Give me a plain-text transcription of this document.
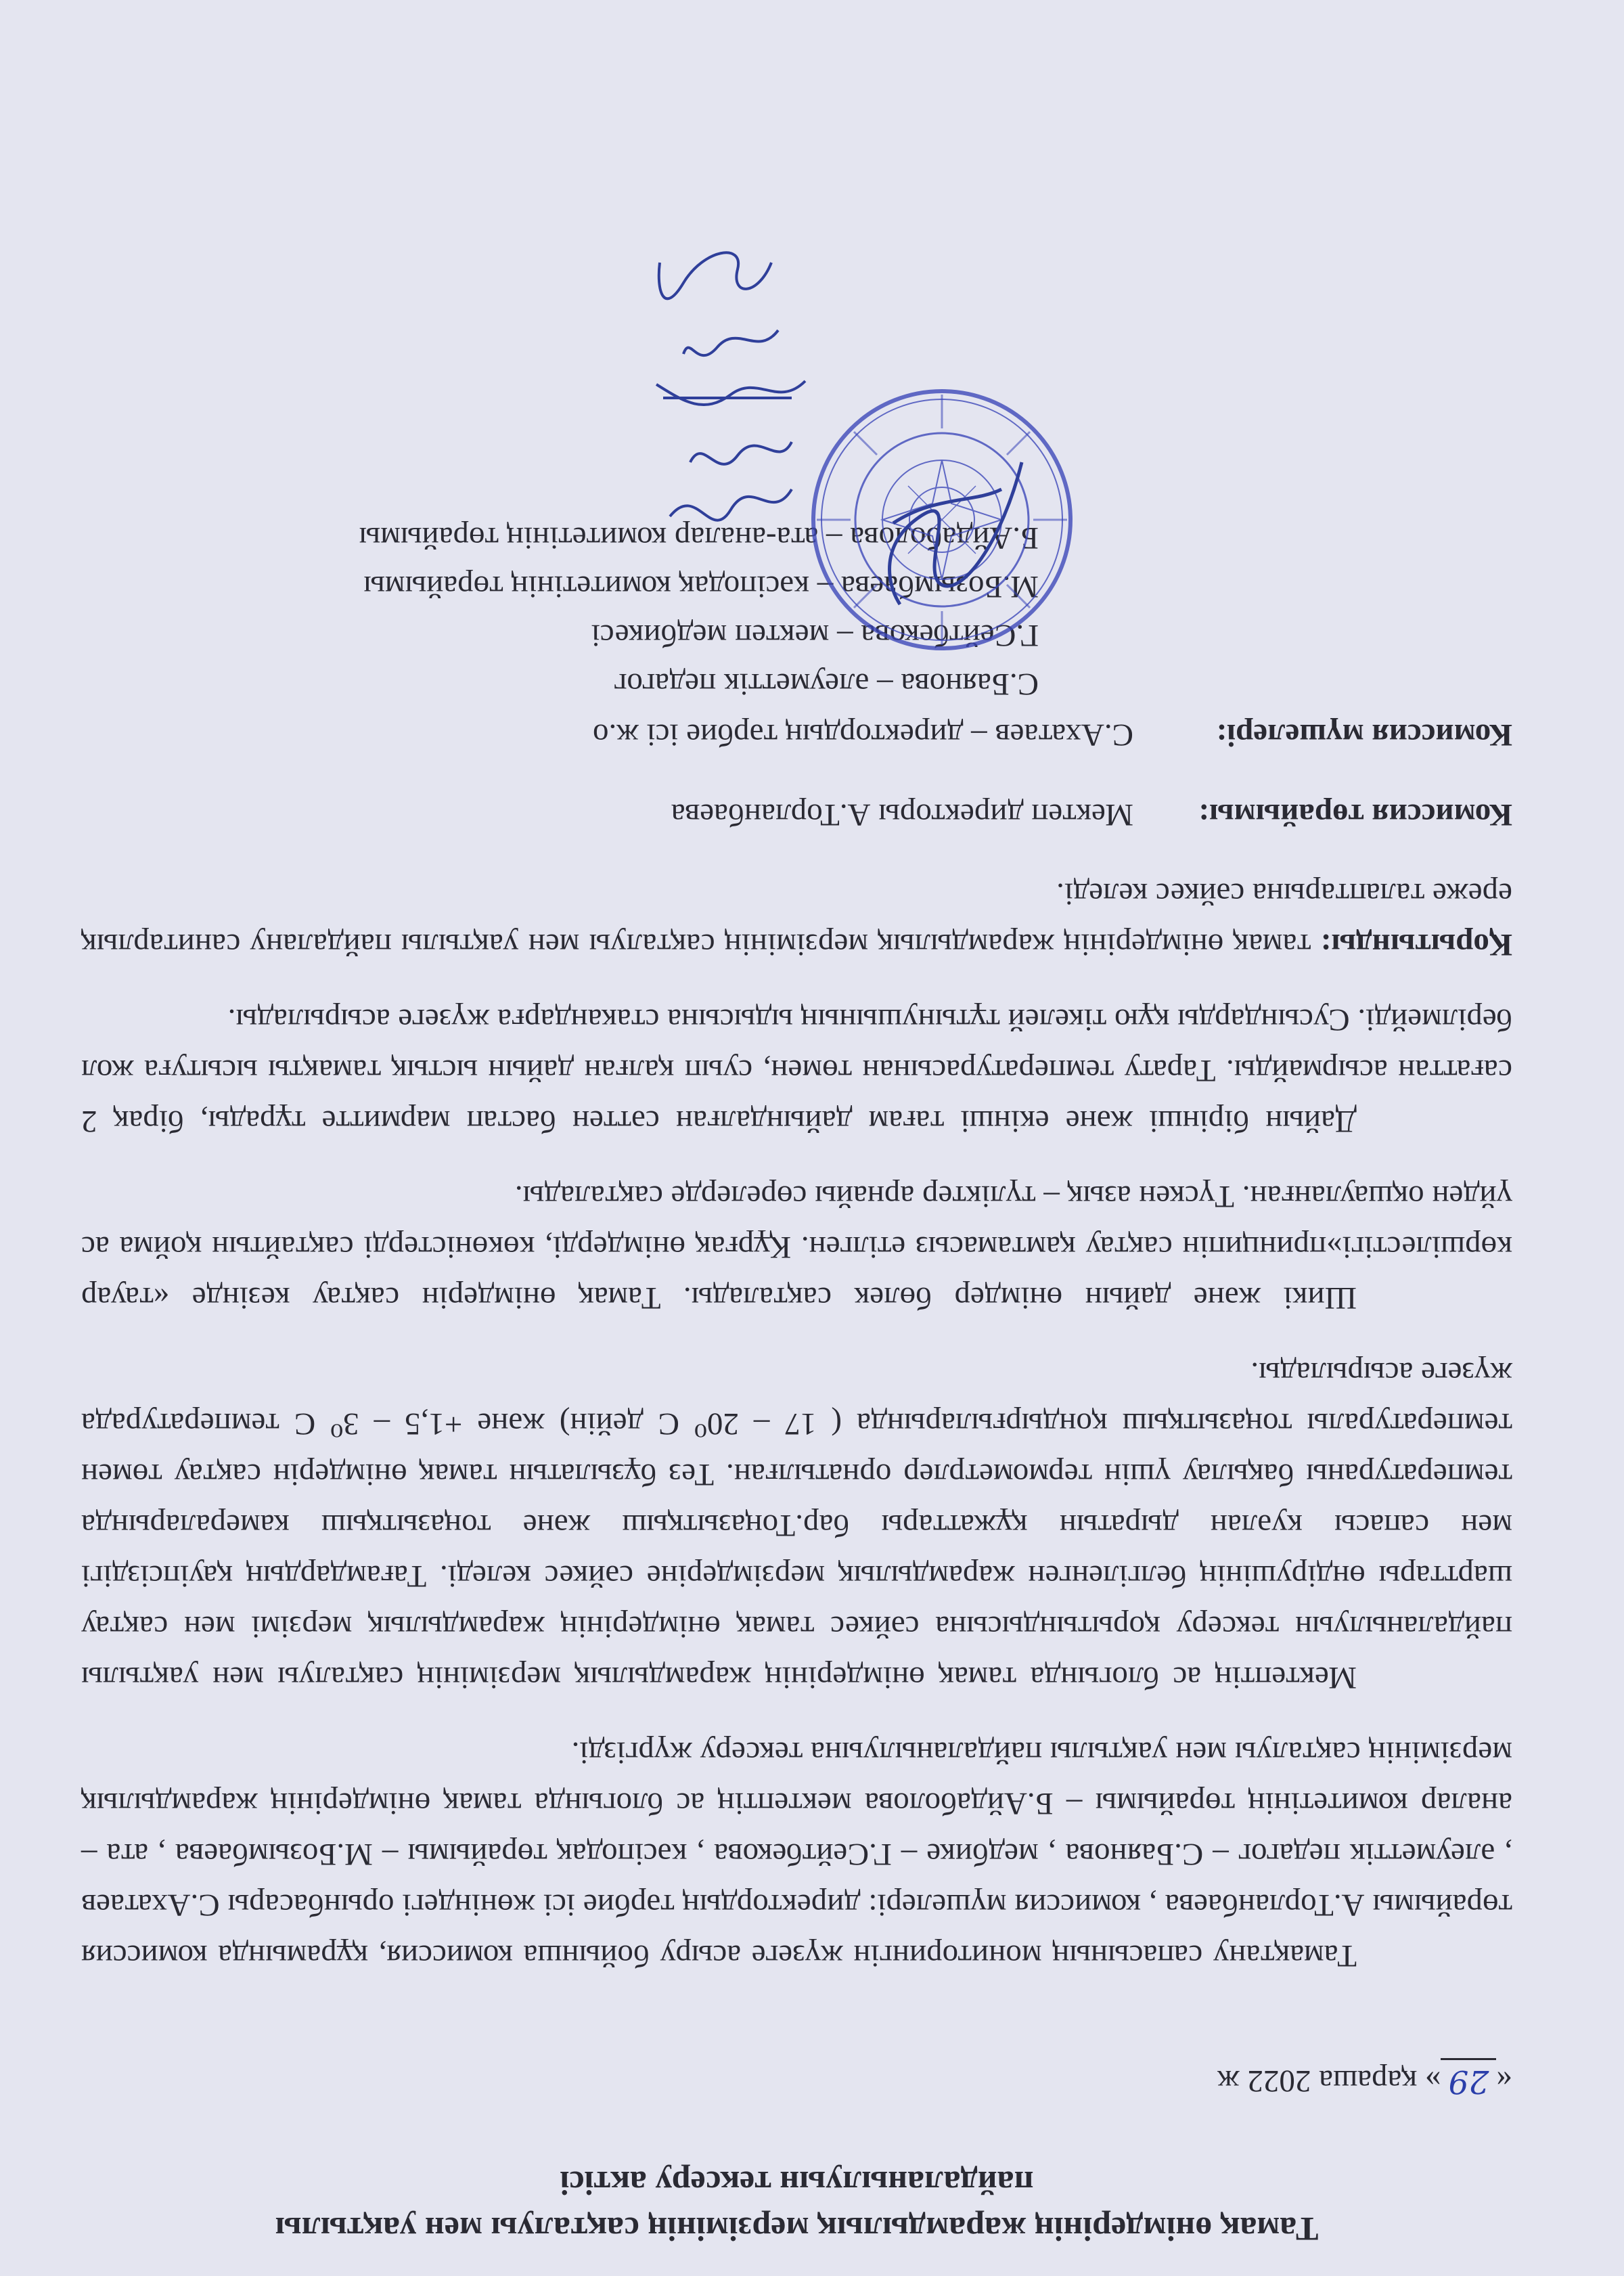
Тамақ өнімдерінің жарамдылық мерзімінің сақталуы мен уақтылы
пайдаланылуын тексеру актісі
«29» қараша 2022 ж
Тамақтану сапасының мониторингін жүзеге асыру бойынша комиссия, құрамында комиссия төрайымы А.Торланбаева , комиссия мүшелері: директордың тәрбие ісі жөніндегі орынбасары С.Ахатаев , әлеуметтік педагог – С.Баянова , медбике – Г.Сейтбекова , кәсіподақ төрайымы – М.Бозымбаева , ата – аналар комитетінің төрайымы – Б.Айдаболова мектептің ас блогында тамақ өнімдерінің жарамдылық мерзімінің сақталуы мен уақтылы пайдаланылуына тексеру жүргізді.
Мектептің ас блогында тамақ өнімдерінің жарамдылық мерзімінің сақталуы мен уақтылы пайдаланылуын тексеру қорытындысына сәйкес тамақ өнімдерінің жарамдылық мерзімі мен сақтау шарттары өндірушінің белгіленген жарамдылық мерзімдеріне сәйкес келеді. Тағамдардың қауіпсіздігі мен сапасы куәлан дыратын құжаттары бар.Тоңазытқыш және тоңазытқыш камераларында температураны бақылау үшін термометрлер орнатылған. Тез бұзылатын тамақ өнімдерін сақтау төмен температуралы тоңазытқыш қондырғыларында ( 17 – 20⁰ С дейін) және +1,5 – 3⁰ С температурада жүзеге асырылады.
Шикі және дайын өнімдер бөлек сақталады. Тамақ өнімдерін сақтау кезінде «тауар көршілестігі»принципін сақтау қамтамасыз етілген. Құрғақ өнімдерді, көкөністерді сақтайтын қойма ас үйден оқшауланған. Түскен азық – түліктер арнайы сөрелерде сақталады.
Дайын бірінші және екінші тағам дайындалған сәттен бастап мармитте тұрады, бірақ 2 сағаттан асырмайды. Тарату температурасынан төмен, суып қалған дайын ыстық тамақты ысытуға жол берілмейді. Сусындарды құю тікелей тұтынушының ыдысына стакандарға жүзеге асырылады.
Қорытынды: тамақ өнімдерінің жарамдылық мерзімінің сақталуы мен уақтылы пайдалану санитарлық ереже талаптарына сәйкес келеді.
Комиссия төрайымы:
Мектеп директоры А.Торланбаева
Комиссия мүшелері:
С.Ахатаев – директордың тәрбие ісі ж.о
С.Баянова – әлеуметтік педагог
Г.Сейтбекова – мектеп медбикесі
М.Бозымбаева – кәсіподақ комитетінің төрайымы
Б.Айдаболова – ата-аналар комитетінің төрайымы
